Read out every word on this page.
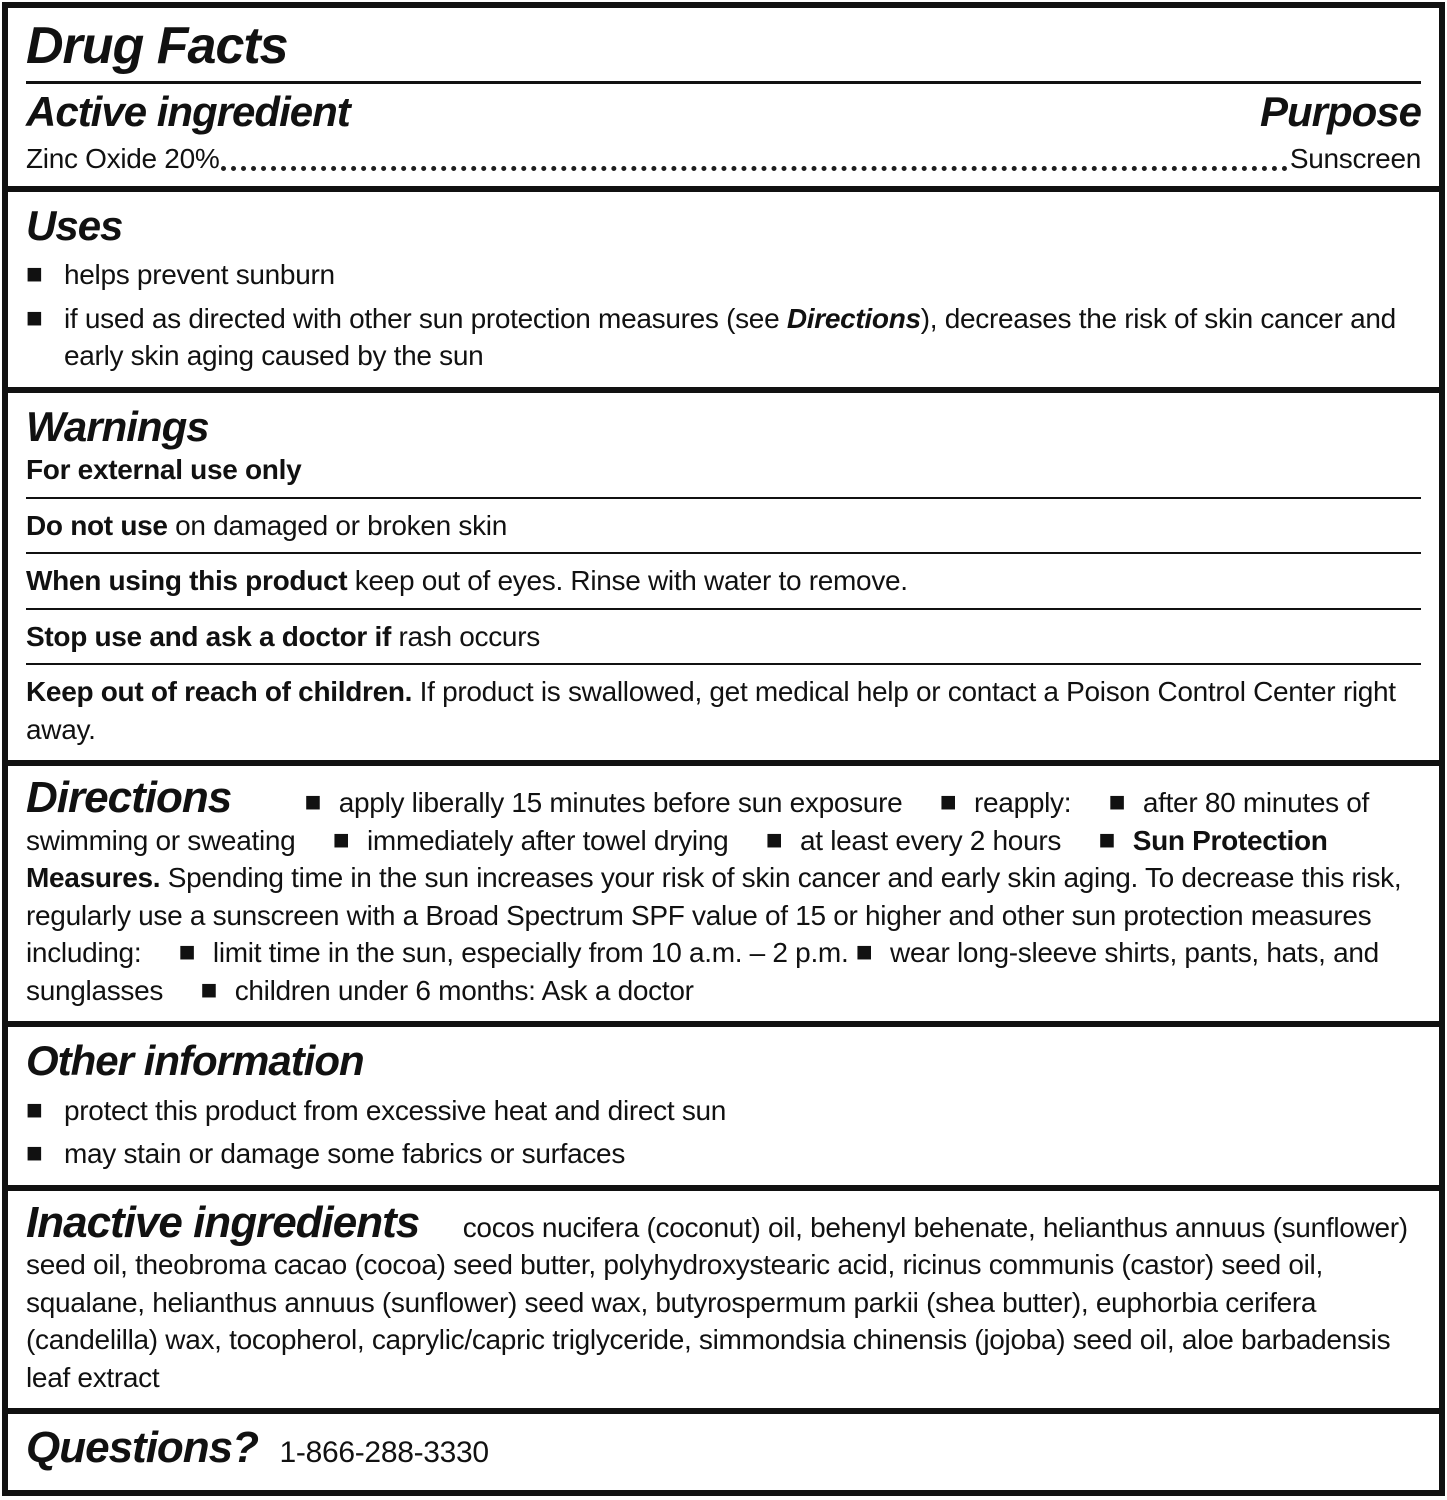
Drug Facts
Active ingredient	Purpose
Zinc Oxide 20%	Sunscreen
Uses
■ helps prevent sunburn
■ if used as directed with other sun protection measures (see Directions), decreases the risk of skin cancer and early skin aging caused by the sun
Warnings
For external use only
Do not use on damaged or broken skin
When using this product keep out of eyes. Rinse with water to remove.
Stop use and ask a doctor if rash occurs
Keep out of reach of children. If product is swallowed, get medical help or contact a Poison Control Center right away.

Directions	■ apply liberally 15 minutes before sun exposure ■ reapply: ■ after 80 minutes of swimming or sweating ■ immediately after towel drying ■ at least every 2 hours ■ Sun Protection Measures. Spending time in the sun increases your risk of skin cancer and early skin aging. To decrease this risk, regularly use a sunscreen with a Broad Spectrum SPF value of 15 or higher and other sun protection measures including: ■ limit time in the sun, especially from 10 a.m. – 2 p.m. ■ wear long-sleeve shirts, pants, hats, and sunglasses ■ children under 6 months: Ask a doctor

Other information
■ protect this product from excessive heat and direct sun
■ may stain or damage some fabrics or surfaces

Inactive ingredients cocos nucifera (coconut) oil, behenyl behenate, helianthus annuus (sunflower) seed oil, theobroma cacao (cocoa) seed butter, polyhydroxystearic acid, ricinus communis (castor) seed oil, squalane, helianthus annuus (sunflower) seed wax, butyrospermum parkii (shea butter), euphorbia cerifera (candelilla) wax, tocopherol, caprylic/capric triglyceride, simmondsia chinensis (jojoba) seed oil, aloe barbadensis leaf extract

Questions? 1-866-288-3330
